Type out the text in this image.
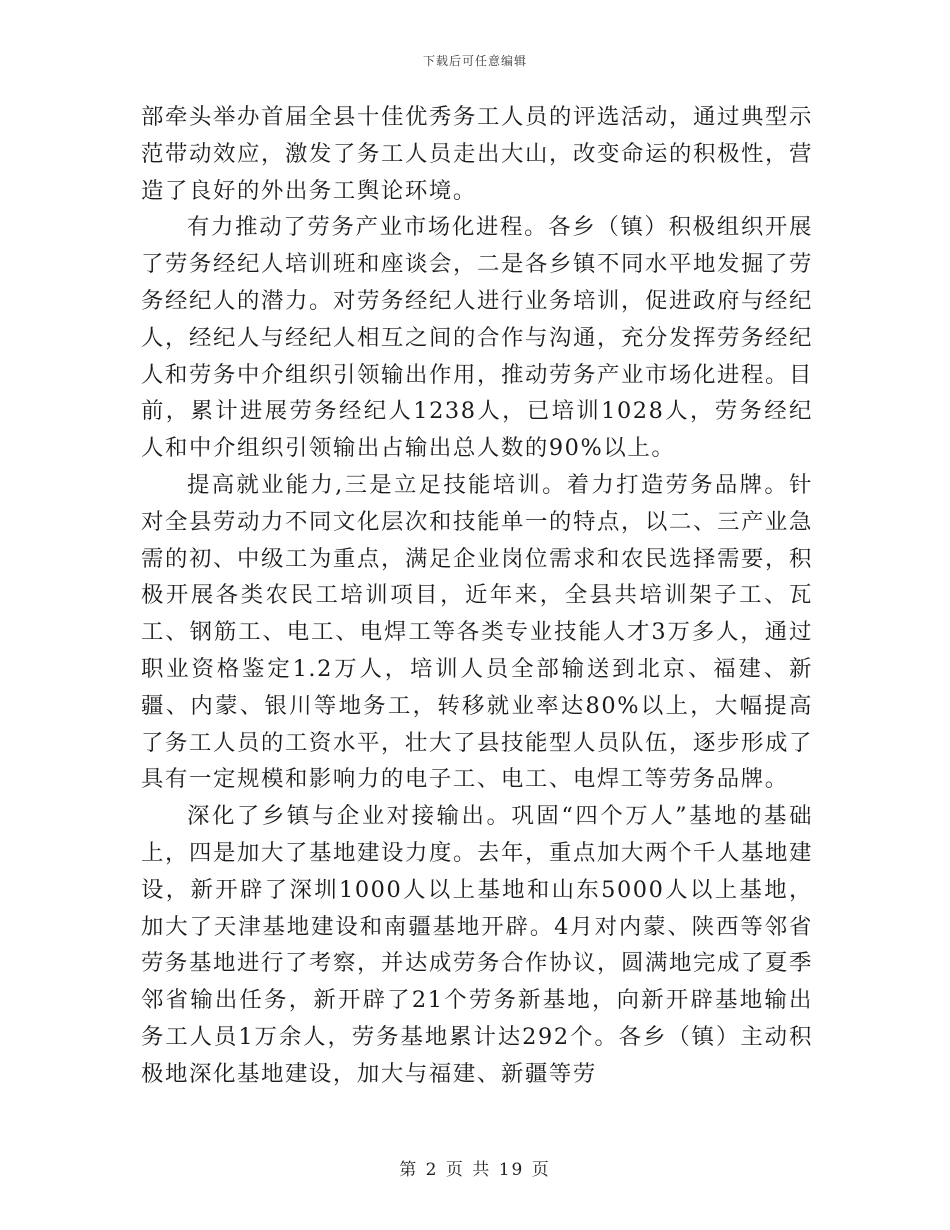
下载后可任意编辑

部牵头举办首届全县十佳优秀务工人员的评选活动，通过典型示范带动效应，激发了务工人员走出大山，改变命运的积极性，营造了良好的外出务工舆论环境。

有力推动了劳务产业市场化进程。各乡（镇）积极组织开展了劳务经纪人培训班和座谈会，二是各乡镇不同水平地发掘了劳务经纪人的潜力。对劳务经纪人进行业务培训，促进政府与经纪人，经纪人与经纪人相互之间的合作与沟通，充分发挥劳务经纪人和劳务中介组织引领输出作用，推动劳务产业市场化进程。目前，累计进展劳务经纪人1238人，已培训1028人，劳务经纪人和中介组织引领输出占输出总人数的90%以上。

提高就业能力,三是立足技能培训。着力打造劳务品牌。针对全县劳动力不同文化层次和技能单一的特点，以二、三产业急需的初、中级工为重点，满足企业岗位需求和农民选择需要，积极开展各类农民工培训项目，近年来，全县共培训架子工、瓦工、钢筋工、电工、电焊工等各类专业技能人才3万多人，通过职业资格鉴定1.2万人，培训人员全部输送到北京、福建、新疆、内蒙、银川等地务工，转移就业率达80%以上，大幅提高了务工人员的工资水平，壮大了县技能型人员队伍，逐步形成了具有一定规模和影响力的电子工、电工、电焊工等劳务品牌。

深化了乡镇与企业对接输出。巩固“四个万人”基地的基础上，四是加大了基地建设力度。去年，重点加大两个千人基地建设，新开辟了深圳1000人以上基地和山东5000人以上基地，加大了天津基地建设和南疆基地开辟。4月对内蒙、陕西等邻省劳务基地进行了考察，并达成劳务合作协议，圆满地完成了夏季邻省输出任务，新开辟了21个劳务新基地，向新开辟基地输出务工人员1万余人，劳务基地累计达292个。各乡（镇）主动积极地深化基地建设，加大与福建、新疆等劳

第 2 页 共 19 页
